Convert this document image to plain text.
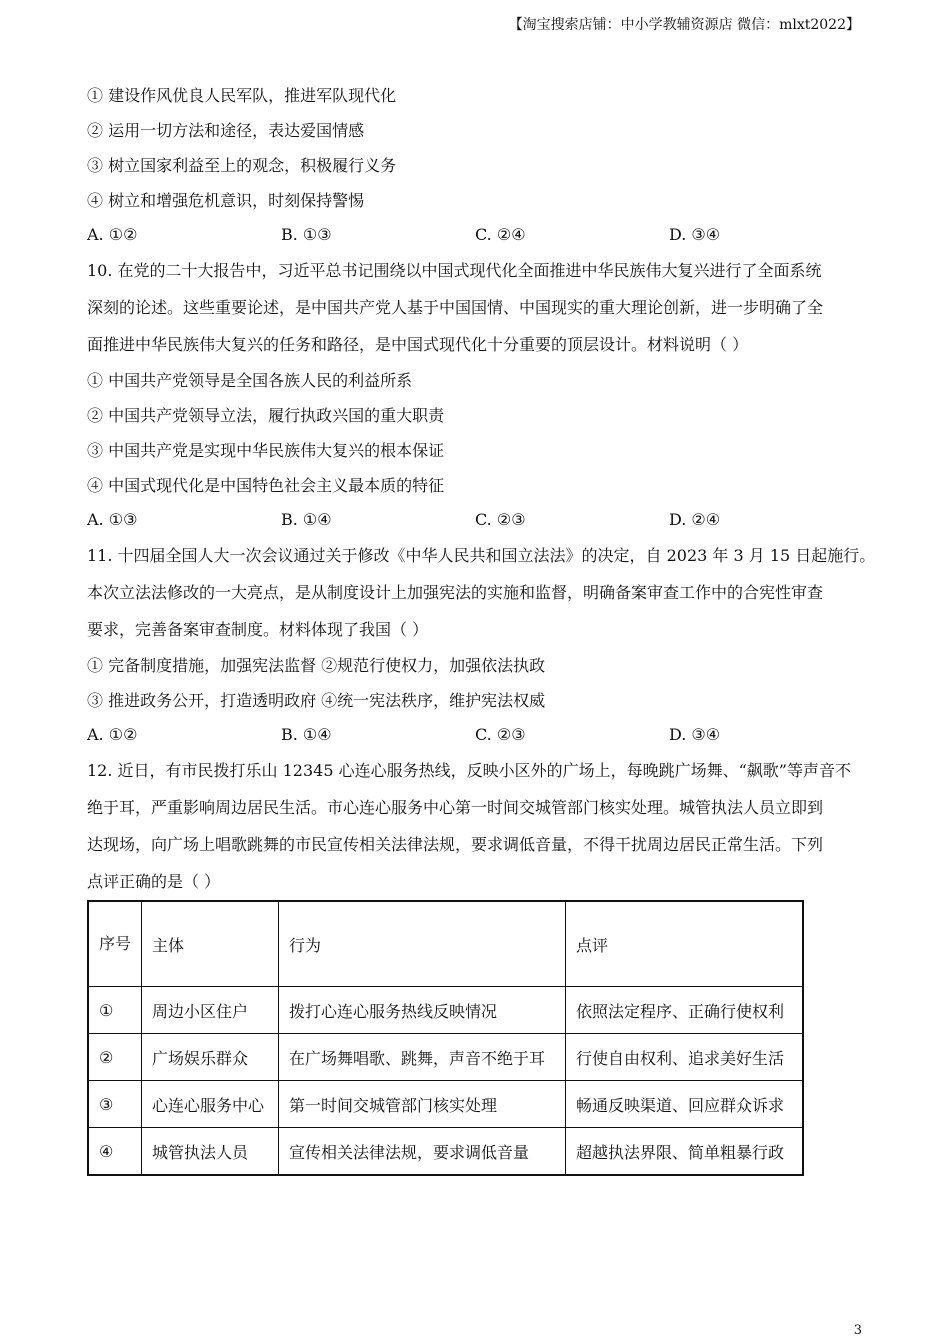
【淘宝搜索店铺：中小学教辅资源店 微信：mlxt2022】
① 建设作风优良人民军队，推进军队现代化
② 运用一切方法和途径，表达爱国情感
③ 树立国家利益至上的观念，积极履行义务
④ 树立和增强危机意识，时刻保持警惕
A. ①②	B. ①③	C. ②④	D. ③④
10. 在党的二十大报告中，习近平总书记围绕以中国式现代化全面推进中华民族伟大复兴进行了全面系统
深刻的论述。这些重要论述，是中国共产党人基于中国国情、中国现实的重大理论创新，进一步明确了全
面推进中华民族伟大复兴的任务和路径，是中国式现代化十分重要的顶层设计。材料说明（ ）
① 中国共产党领导是全国各族人民的利益所系
② 中国共产党领导立法，履行执政兴国的重大职责
③ 中国共产党是实现中华民族伟大复兴的根本保证
④ 中国式现代化是中国特色社会主义最本质的特征
A. ①③	B. ①④	C. ②③	D. ②④
11. 十四届全国人大一次会议通过关于修改《中华人民共和国立法法》的决定，自 2023 年 3 月 15 日起施行。
本次立法法修改的一大亮点，是从制度设计上加强宪法的实施和监督，明确备案审查工作中的合宪性审查
要求，完善备案审查制度。材料体现了我国（ ）
① 完备制度措施，加强宪法监督 ②规范行使权力，加强依法执政
③ 推进政务公开，打造透明政府 ④统一宪法秩序，维护宪法权威
A. ①②	B. ①④	C. ②③	D. ③④
12. 近日，有市民拨打乐山 12345 心连心服务热线，反映小区外的广场上，每晚跳广场舞、“飙歌”等声音不
绝于耳，严重影响周边居民生活。市心连心服务中心第一时间交城管部门核实处理。城管执法人员立即到
达现场，向广场上唱歌跳舞的市民宣传相关法律法规，要求调低音量，不得干扰周边居民正常生活。下列
点评正确的是（ ）
序号	主体	行为	点评
①	周边小区住户	拨打心连心服务热线反映情况	依照法定程序、正确行使权利
②	广场娱乐群众	在广场舞唱歌、跳舞，声音不绝于耳	行使自由权利、追求美好生活
③	心连心服务中心	第一时间交城管部门核实处理	畅通反映渠道、回应群众诉求
④	城管执法人员	宣传相关法律法规，要求调低音量	超越执法界限、简单粗暴行政
3
